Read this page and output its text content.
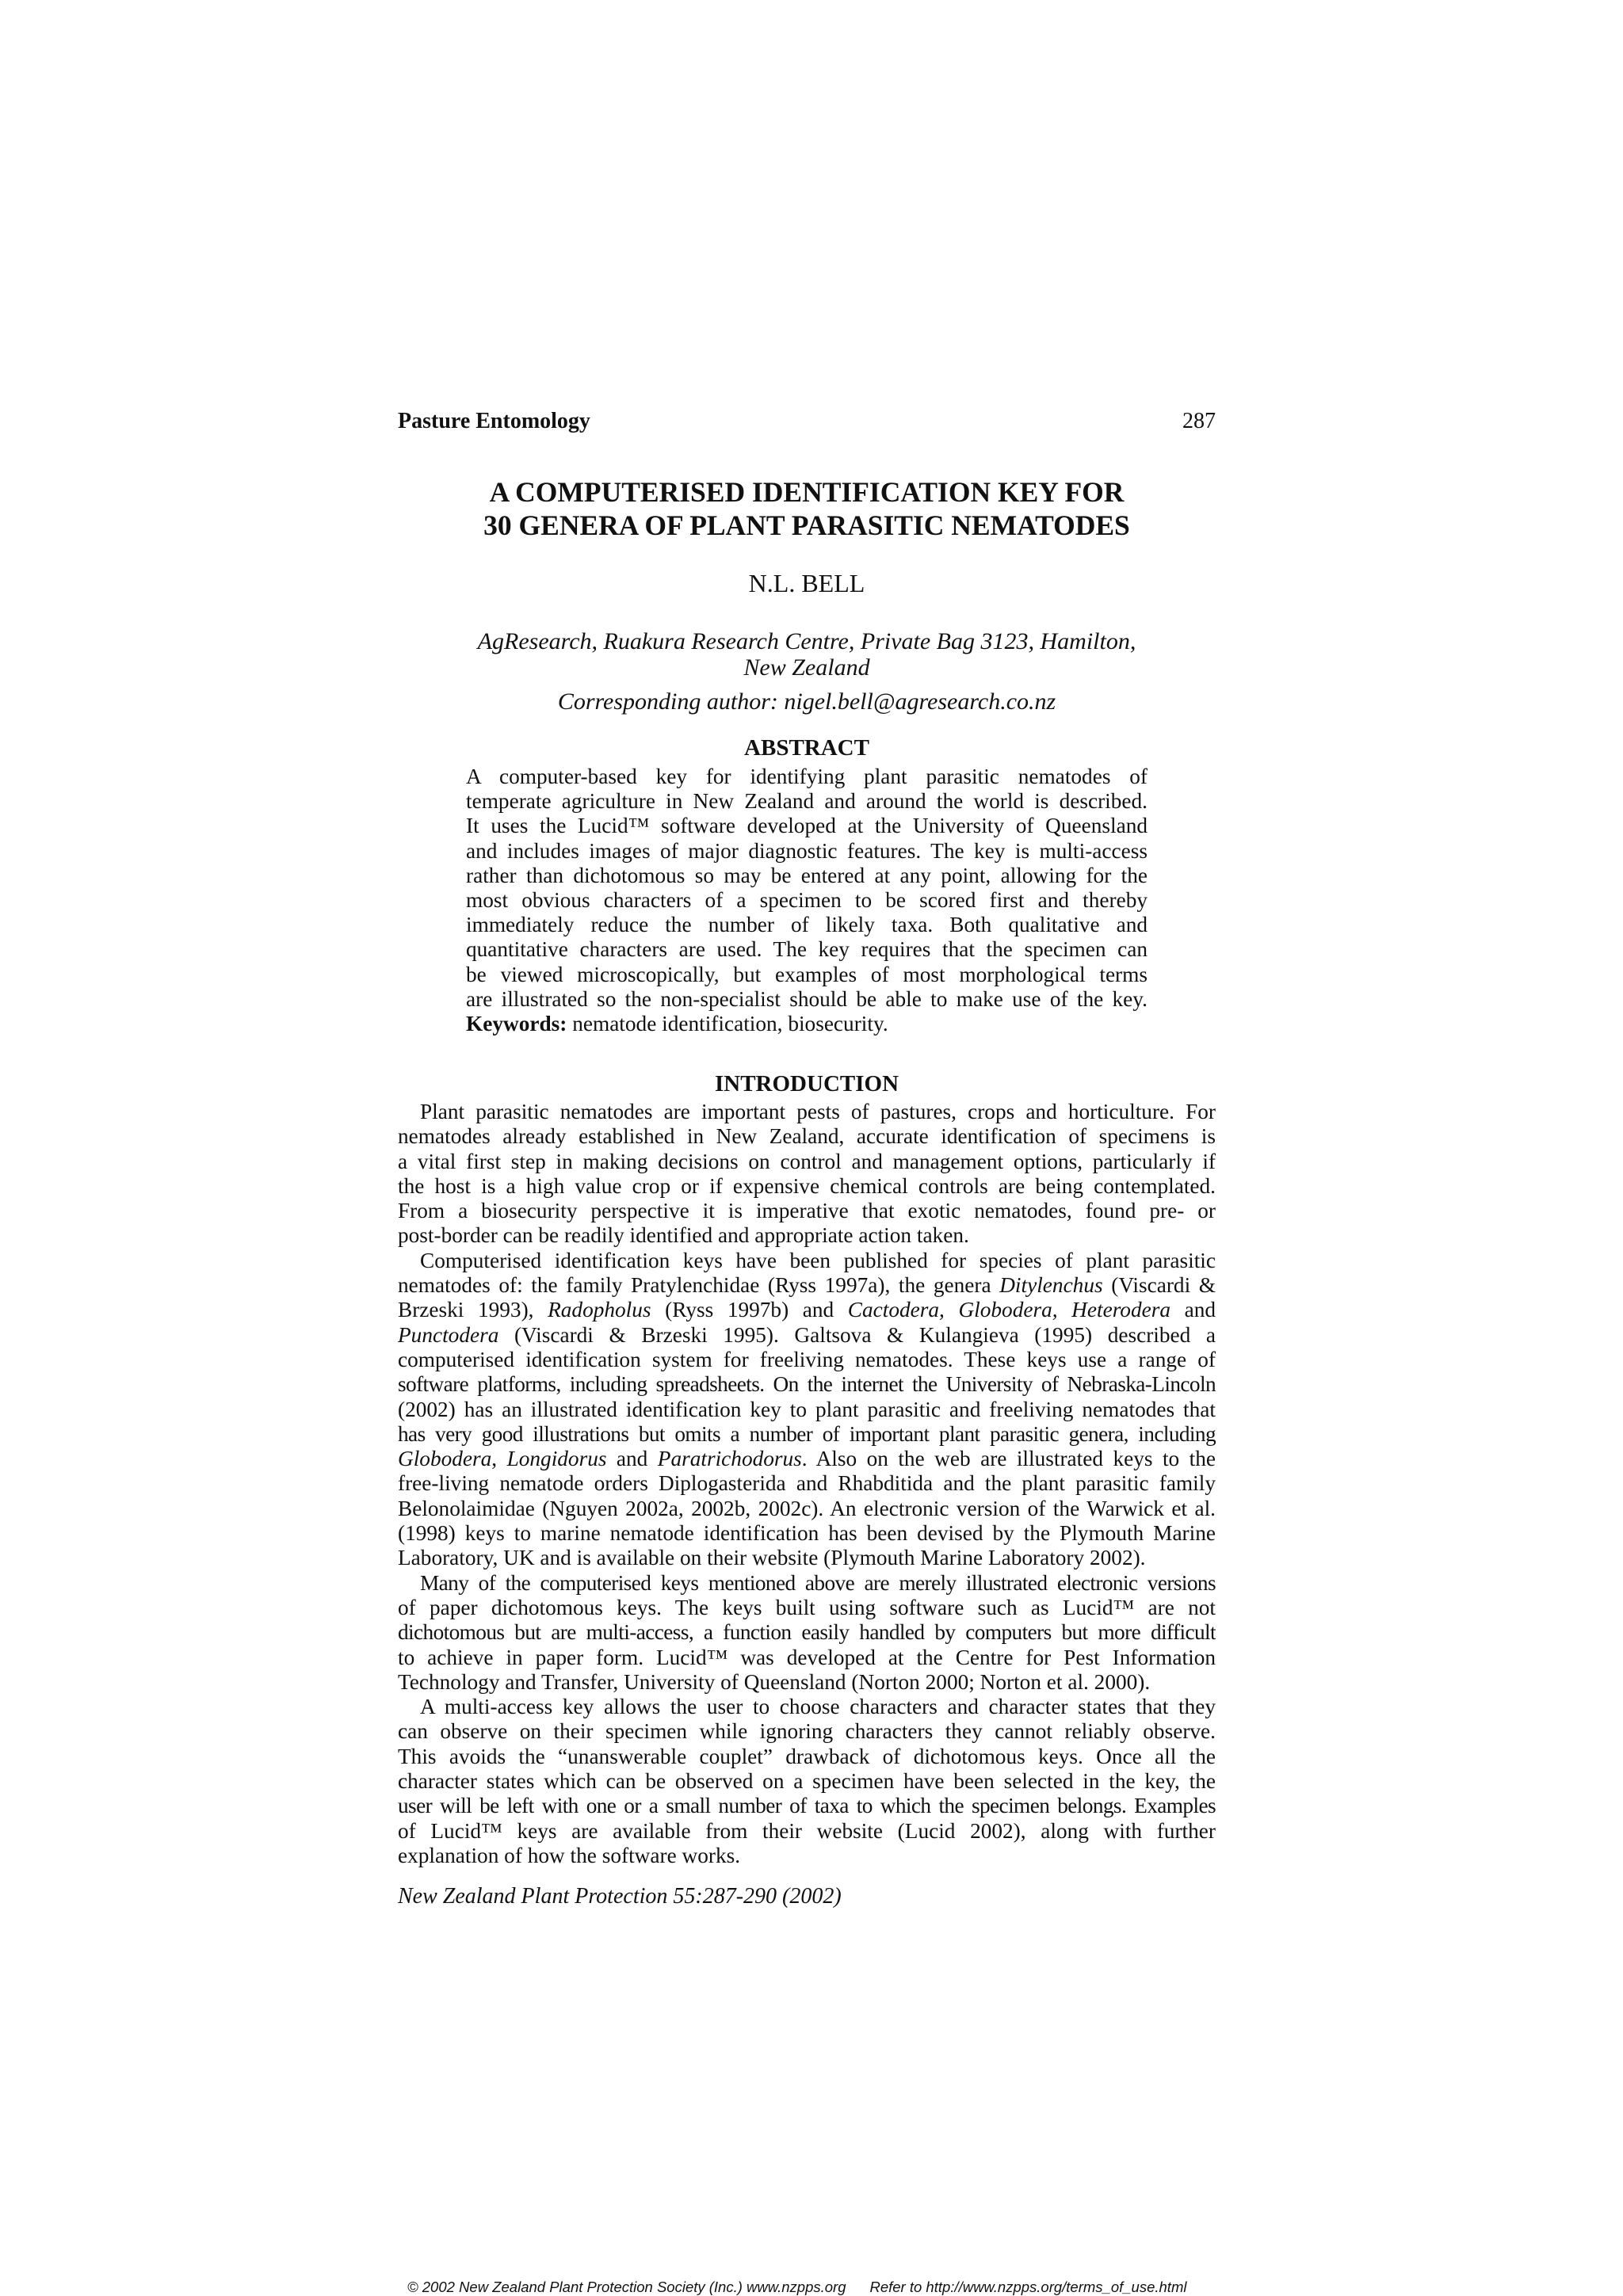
Pasture Entomology	287
A COMPUTERISED IDENTIFICATION KEY FOR
30 GENERA OF PLANT PARASITIC NEMATODES
N.L. BELL
AgResearch, Ruakura Research Centre, Private Bag 3123, Hamilton,
New Zealand
Corresponding author: nigel.bell@agresearch.co.nz
ABSTRACT
A computer-based key for identifying plant parasitic nematodes of
temperate agriculture in New Zealand and around the world is described.
It uses the Lucid™ software developed at the University of Queensland
and includes images of major diagnostic features. The key is multi-access
rather than dichotomous so may be entered at any point, allowing for the
most obvious characters of a specimen to be scored first and thereby
immediately reduce the number of likely taxa. Both qualitative and
quantitative characters are used. The key requires that the specimen can
be viewed microscopically, but examples of most morphological terms
are illustrated so the non-specialist should be able to make use of the key.
Keywords: nematode identification, biosecurity.
INTRODUCTION
Plant parasitic nematodes are important pests of pastures, crops and horticulture. For
nematodes already established in New Zealand, accurate identification of specimens is
a vital first step in making decisions on control and management options, particularly if
the host is a high value crop or if expensive chemical controls are being contemplated.
From a biosecurity perspective it is imperative that exotic nematodes, found pre- or
post-border can be readily identified and appropriate action taken.
Computerised identification keys have been published for species of plant parasitic
nematodes of: the family Pratylenchidae (Ryss 1997a), the genera Ditylenchus (Viscardi &
Brzeski 1993), Radopholus (Ryss 1997b) and Cactodera, Globodera, Heterodera and
Punctodera (Viscardi & Brzeski 1995). Galtsova & Kulangieva (1995) described a
computerised identification system for freeliving nematodes. These keys use a range of
software platforms, including spreadsheets. On the internet the University of Nebraska-Lincoln
(2002) has an illustrated identification key to plant parasitic and freeliving nematodes that
has very good illustrations but omits a number of important plant parasitic genera, including
Globodera, Longidorus and Paratrichodorus. Also on the web are illustrated keys to the
free-living nematode orders Diplogasterida and Rhabditida and the plant parasitic family
Belonolaimidae (Nguyen 2002a, 2002b, 2002c). An electronic version of the Warwick et al.
(1998) keys to marine nematode identification has been devised by the Plymouth Marine
Laboratory, UK and is available on their website (Plymouth Marine Laboratory 2002).
Many of the computerised keys mentioned above are merely illustrated electronic versions
of paper dichotomous keys. The keys built using software such as Lucid™ are not
dichotomous but are multi-access, a function easily handled by computers but more difficult
to achieve in paper form. Lucid™ was developed at the Centre for Pest Information
Technology and Transfer, University of Queensland (Norton 2000; Norton et al. 2000).
A multi-access key allows the user to choose characters and character states that they
can observe on their specimen while ignoring characters they cannot reliably observe.
This avoids the “unanswerable couplet” drawback of dichotomous keys. Once all the
character states which can be observed on a specimen have been selected in the key, the
user will be left with one or a small number of taxa to which the specimen belongs. Examples
of Lucid™ keys are available from their website (Lucid 2002), along with further
explanation of how the software works.
New Zealand Plant Protection 55:287-290 (2002)
© 2002 New Zealand Plant Protection Society (Inc.) www.nzpps.org Refer to http://www.nzpps.org/terms_of_use.html
